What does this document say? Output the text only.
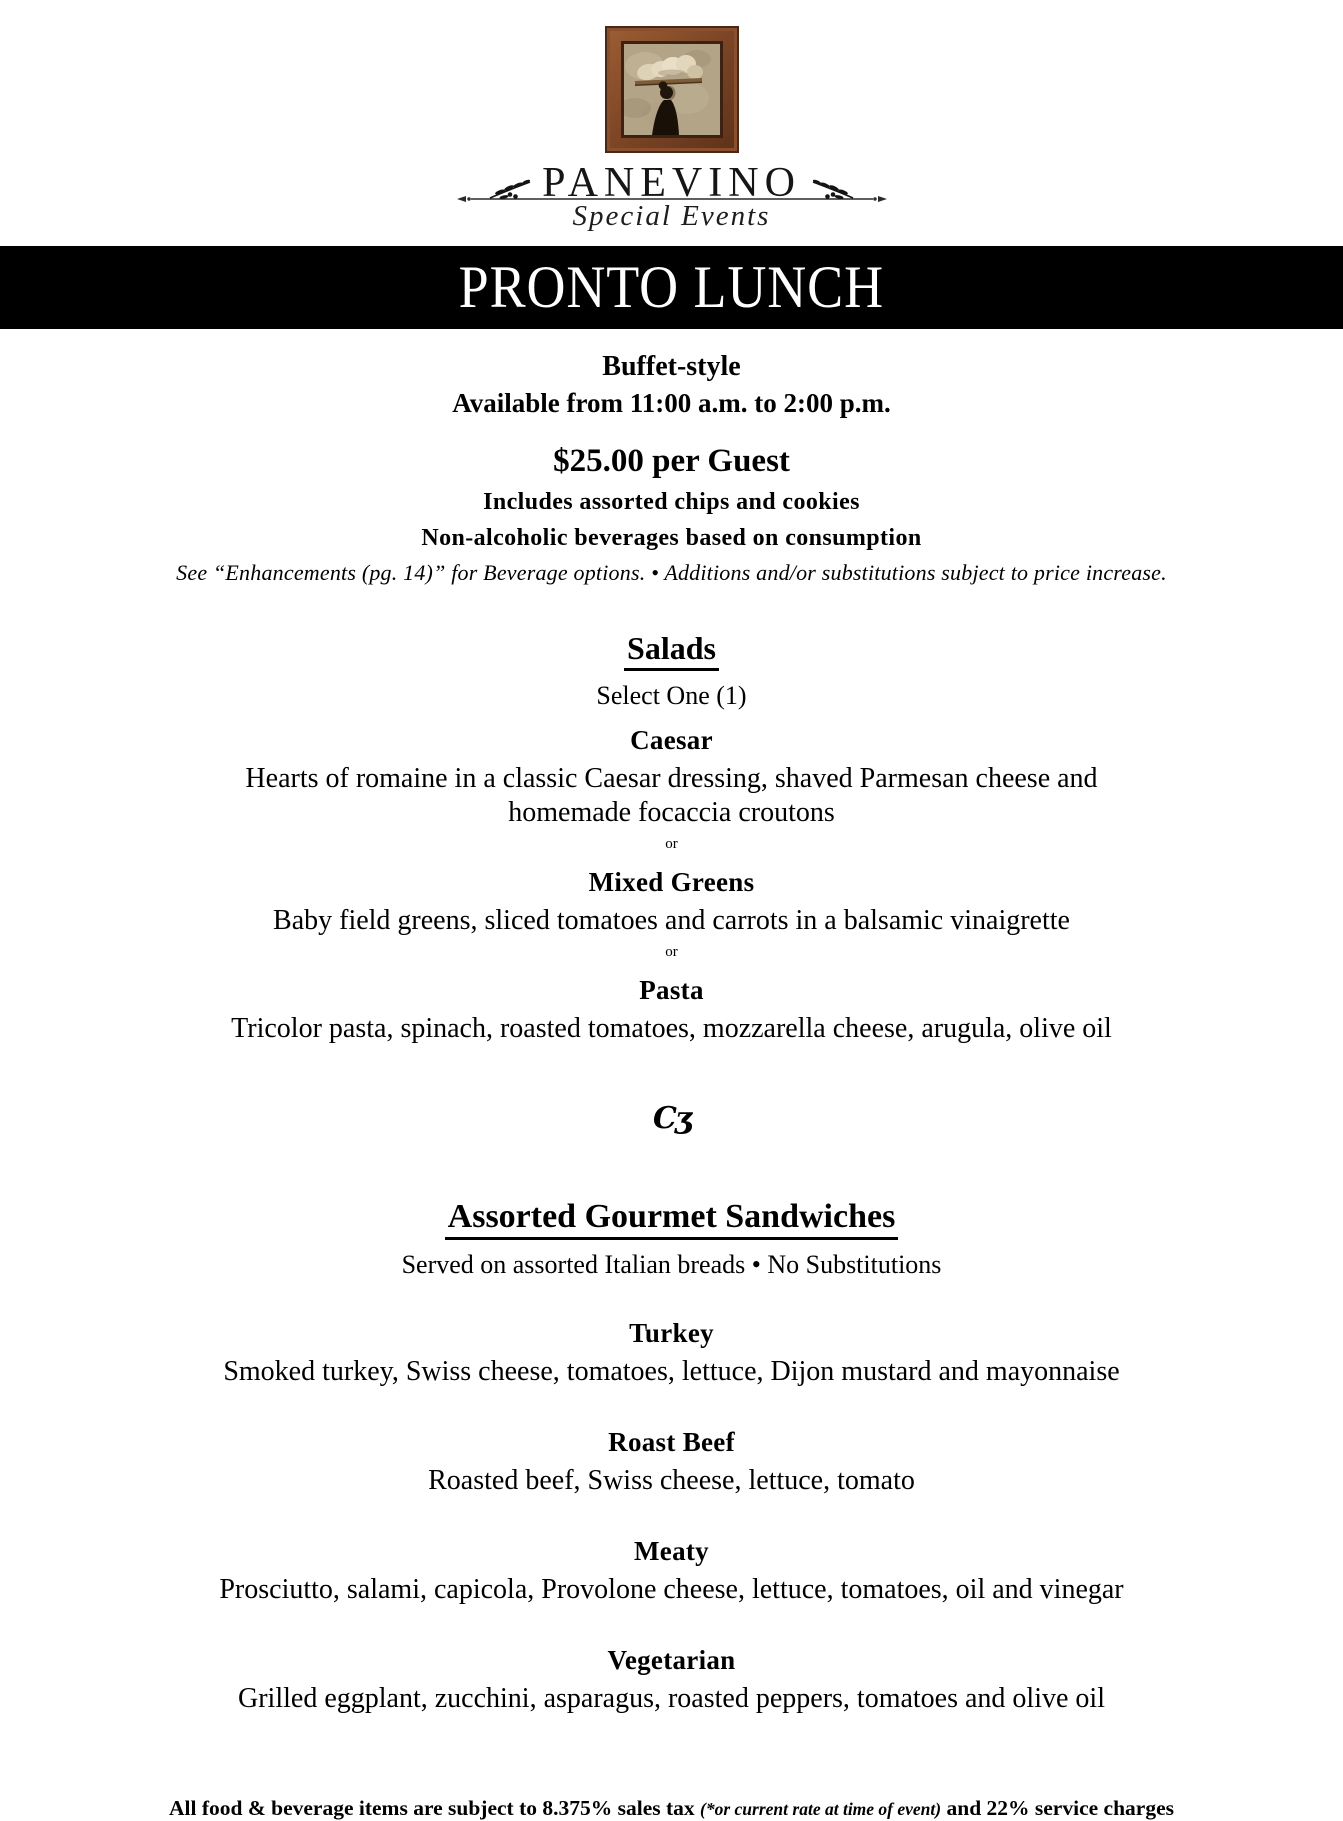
PANEVINO
Special Events
PRONTO LUNCH

Buffet-style

Available from 11:00 a.m. to 2:00 p.m.

$25.00 per Guest

Includes assorted chips and cookies

Non-alcoholic beverages based on consumption

See “Enhancements (pg. 14)” for Beverage options. • Additions and/or substitutions subject to price increase.

Salads

Select One (1)

Caesar

Hearts of romaine in a classic Caesar dressing, shaved Parmesan cheese and homemade focaccia croutons

or

Mixed Greens

Baby field greens, sliced tomatoes and carrots in a balsamic vinaigrette

or

Pasta

Tricolor pasta, spinach, roasted tomatoes, mozzarella cheese, arugula, olive oil

Cʒ

Assorted Gourmet Sandwiches

Served on assorted Italian breads • No Substitutions

Turkey

Smoked turkey, Swiss cheese, tomatoes, lettuce, Dijon mustard and mayonnaise

Roast Beef

Roasted beef, Swiss cheese, lettuce, tomato

Meaty

Prosciutto, salami, capicola, Provolone cheese, lettuce, tomatoes, oil and vinegar

Vegetarian

Grilled eggplant, zucchini, asparagus, roasted peppers, tomatoes and olive oil

All food & beverage items are subject to 8.375% sales tax (*or current rate at time of event) and 22% service charges
